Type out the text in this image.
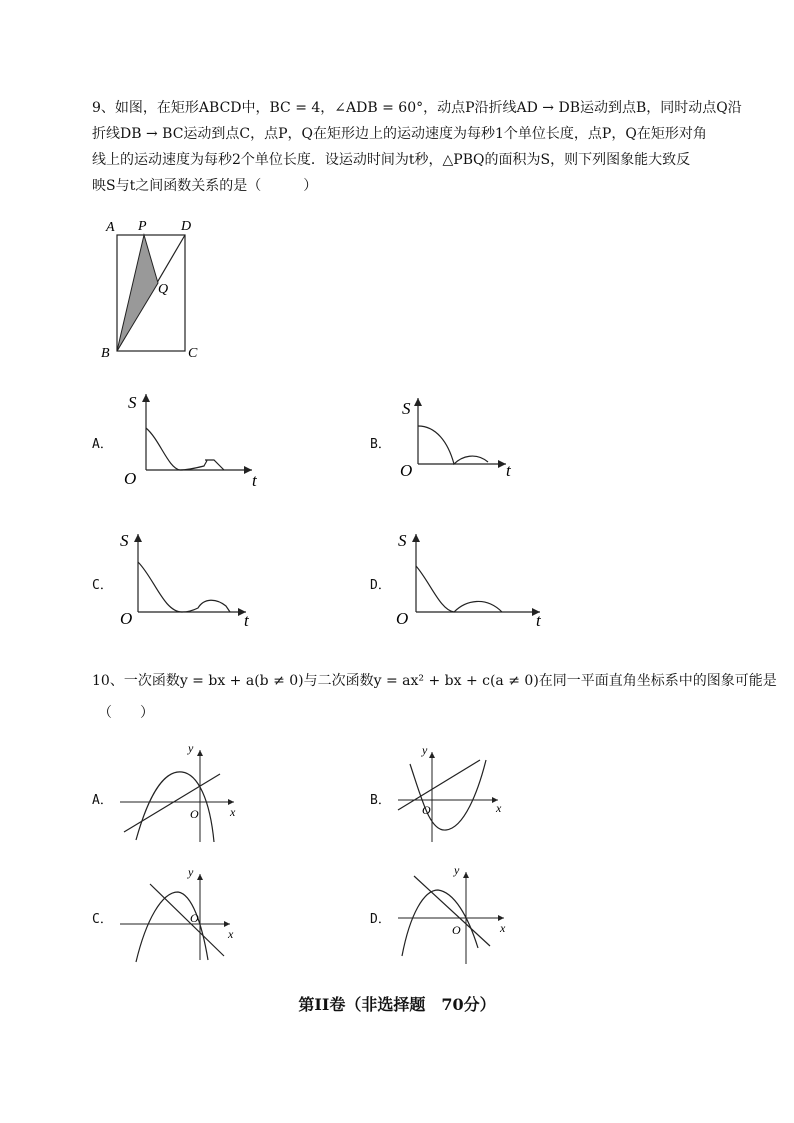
9、如图，在矩形ABCD中，BC = 4，∠ADB = 60°，动点P沿折线AD → DB运动到点B，同时动点Q沿
折线DB → BC运动到点C，点P，Q在矩形边上的运动速度为每秒1个单位长度，点P，Q在矩形对角
线上的运动速度为每秒2个单位长度．设运动时间为t秒，△PBQ的面积为S，则下列图象能大致反
映S与t之间函数关系的是（　　　）
A P D
Q
B	C
A．
S
t
O
B．
S
t
O
C．
S
t
O
D．
S
t
O
10、一次函数y = bx + a(b ≠ 0)与二次函数y = ax² + bx + c(a ≠ 0)在同一平面直角坐标系中的图象可能是
（　　）
A．
y
x
O
B．
y
x
O
C．
y
x
O	D．
y
x
O
第II卷（非选择题　70分）
